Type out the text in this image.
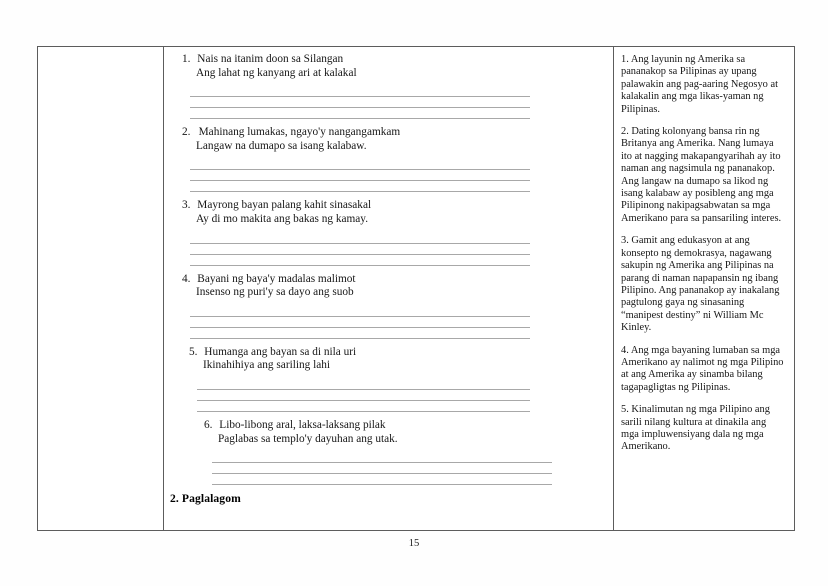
1. Nais na itanim doon sa Silangan
Ang lahat ng kanyang ari at kalakal
2. Mahinang lumakas, ngayo'y nangangamkam
Langaw na dumapo sa isang kalabaw.
3. Mayrong bayan palang kahit sinasakal
Ay di mo makita ang bakas ng kamay.
4. Bayani ng baya'y madalas malimot
Insenso ng puri'y sa dayo ang suob
5. Humanga ang bayan sa di nila uri
Ikinahihiya ang sariling lahi
6. Libo-libong aral, laksa-laksang pilak
Paglabas sa templo'y dayuhan ang utak.
2. Paglalagom

1. Ang layunin ng Amerika sa pananakop sa Pilipinas ay upang palawakin ang pag-aaring Negosyo at kalakalin ang mga likas-yaman ng Pilipinas.

2. Dating kolonyang bansa rin ng Britanya ang Amerika. Nang lumaya ito at nagging makapangyarihah ay ito naman ang nagsimula ng pananakop. Ang langaw na dumapo sa likod ng isang kalabaw ay posibleng ang mga Pilipinong nakipagsabwatan sa mga Amerikano para sa pansariling interes.

3. Gamit ang edukasyon at ang konsepto ng demokrasya, nagawang sakupin ng Amerika ang Pilipinas na parang di naman napapansin ng ibang Pilipino. Ang pananakop ay inakalang pagtulong gaya ng sinasaning “manipest destiny” ni William Mc Kinley.

4. Ang mga bayaning lumaban sa mga Amerikano ay nalimot ng mga Pilipino at ang Amerika ay sinamba bilang tagapagligtas ng Pilipinas.

5. Kinalimutan ng mga Pilipino ang sarili nilang kultura at dinakila ang mga impluwensiyang dala ng mga Amerikano.

15
